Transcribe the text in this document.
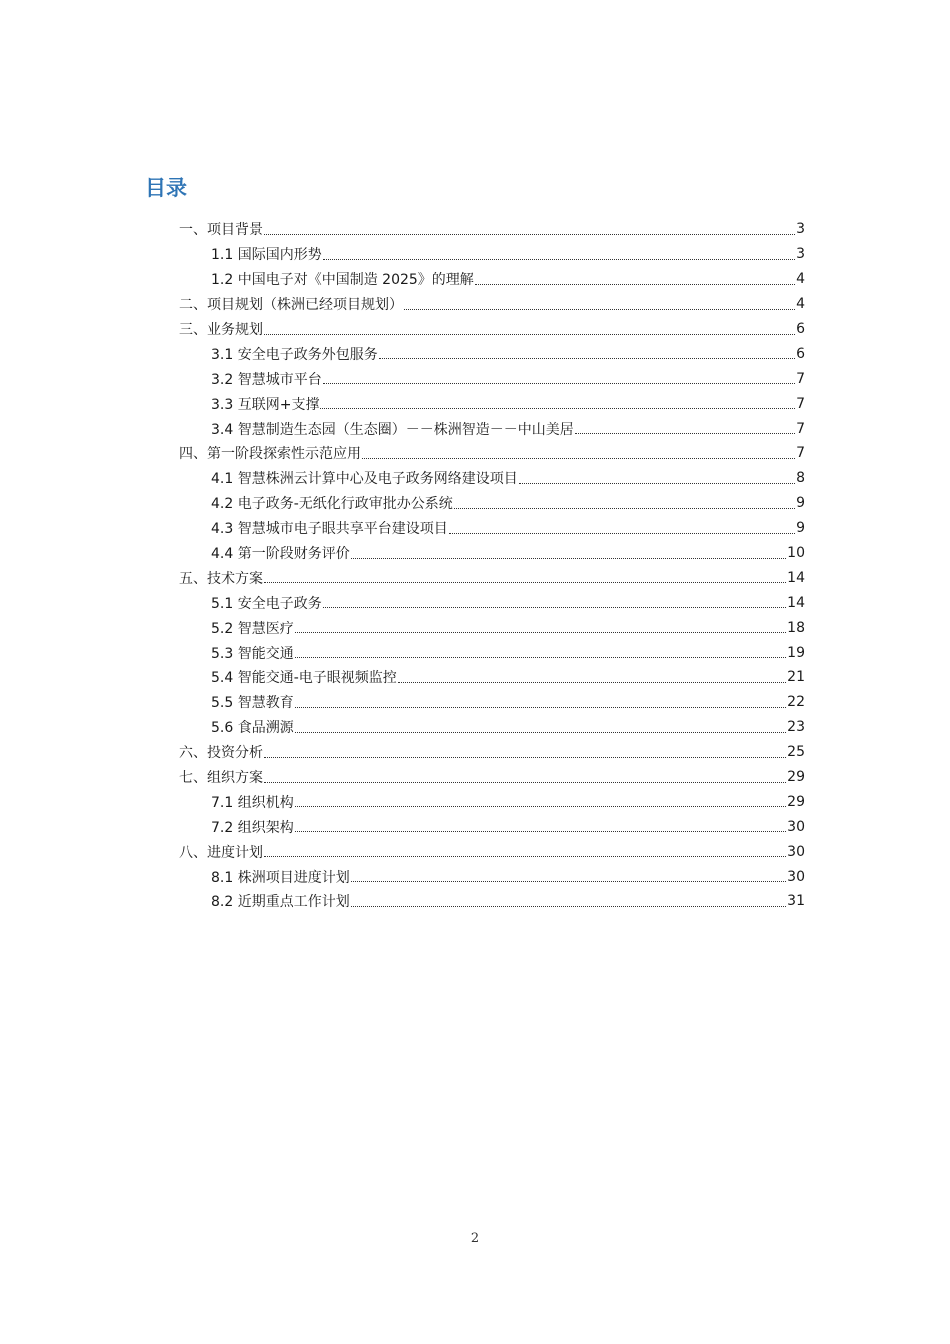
目录
一、项目背景	3
1.1 国际国内形势	3
1.2 中国电子对《中国制造 2025》的理解	4
二、项目规划（株洲已经项目规划）	4
三、业务规划	6
3.1 安全电子政务外包服务	6
3.2 智慧城市平台	7
3.3 互联网+支撑	7
3.4 智慧制造生态园（生态圈）－－株洲智造－－中山美居	7
四、第一阶段探索性示范应用	7
4.1 智慧株洲云计算中心及电子政务网络建设项目	8
4.2 电子政务-无纸化行政审批办公系统	9
4.3 智慧城市电子眼共享平台建设项目	9
4.4 第一阶段财务评价	10
五、技术方案	14
5.1 安全电子政务	14
5.2 智慧医疗	18
5.3 智能交通	19
5.4 智能交通-电子眼视频监控	21
5.5 智慧教育	22
5.6 食品溯源	23
六、投资分析	25
七、组织方案	29
7.1 组织机构	29
7.2 组织架构	30
八、进度计划	30
8.1 株洲项目进度计划	30
8.2 近期重点工作计划	31
2
